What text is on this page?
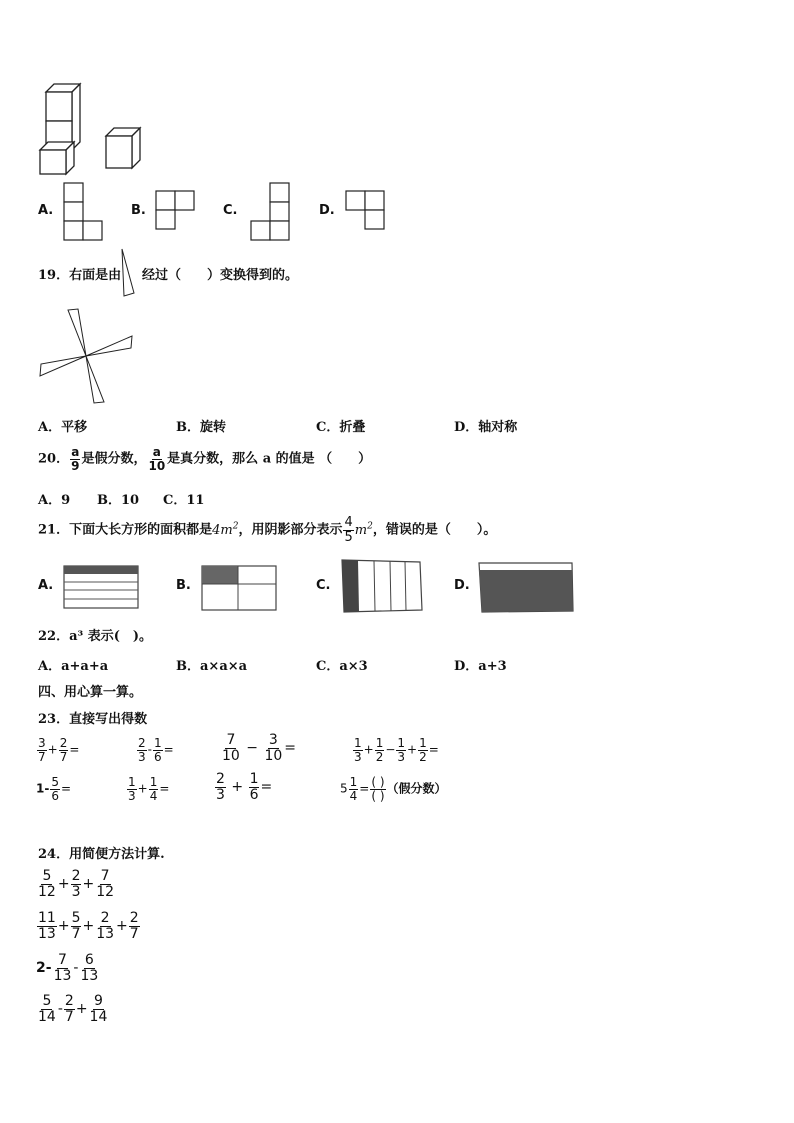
A.	B.	C.	D.
19．右面是由 经过（　　）变换得到的。
A．平移	B．旋转	C．折叠	D．轴对称
20． $\frac{a}{9}$ 是假分数， $\frac{a}{10}$ 是真分数，那么 a 的值是 （　　）
A．9 B．10 C．11
21．下面大长方形的面积都是$4m^2$，用阴影部分表示 $\frac{4}{5} m^2$，错误的是（　　）。
A.	B.	C.	D.
22．a³ 表示(　)。
A．a+a+a	B．a×a×a	C．a×3	D．a+3
四、用心算一算。
23．直接写出得数
$\frac{3}{7} + \frac{2}{7}$ =	$\frac{2}{3} - \frac{1}{6}$ =	$\frac{7}{10} - \frac{3}{10}$ =	$\frac{1}{3} + \frac{1}{2} - \frac{1}{3} + \frac{1}{2}$ =
$1- \frac{5}{6}$ =	$\frac{1}{3} + \frac{1}{4}$ =	$\frac{2}{3} + \frac{1}{6}$ =	$5 \frac{1}{4} = \frac{( )}{( )}$ （假分数）
24．用简便方法计算.
$\frac{5}{12} + \frac{2}{3} + \frac{7}{12}$
$\frac{11}{13} + \frac{5}{7} + \frac{2}{13} + \frac{2}{7}$
$2- \frac{7}{13} - \frac{6}{13}$
$\frac{5}{14} - \frac{2}{7} + \frac{9}{14}$
